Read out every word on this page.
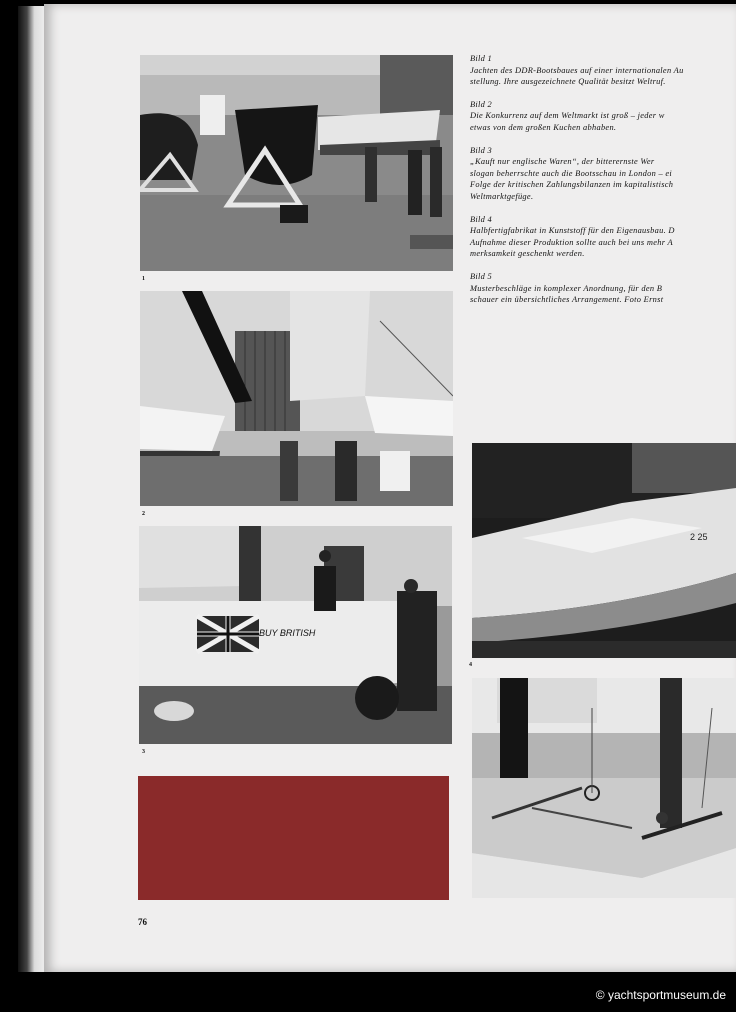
1
2
BUY BRITISH
3
2 25
4
Bild 1
Jachten des DDR-Bootsbaues auf einer internationalen Au
stellung. Ihre ausgezeichnete Qualität besitzt Weltruf.
Bild 2
Die Konkurrenz auf dem Weltmarkt ist groß – jeder w
etwas von dem großen Kuchen abhaben.
Bild 3
„Kauft nur englische Waren“, der bitterernste Wer
slogan beherrschte auch die Bootsschau in London – ei
Folge der kritischen Zahlungsbilanzen im kapitalistisch
Weltmarktgefüge.
Bild 4
Halbfertigfabrikat in Kunststoff für den Eigenausbau. D
Aufnahme dieser Produktion sollte auch bei uns mehr A
merksamkeit geschenkt werden.
Bild 5
Musterbeschläge in komplexer Anordnung, für den B
schauer ein übersichtliches Arrangement. Foto Ernst
76
© yachtsportmuseum.de
